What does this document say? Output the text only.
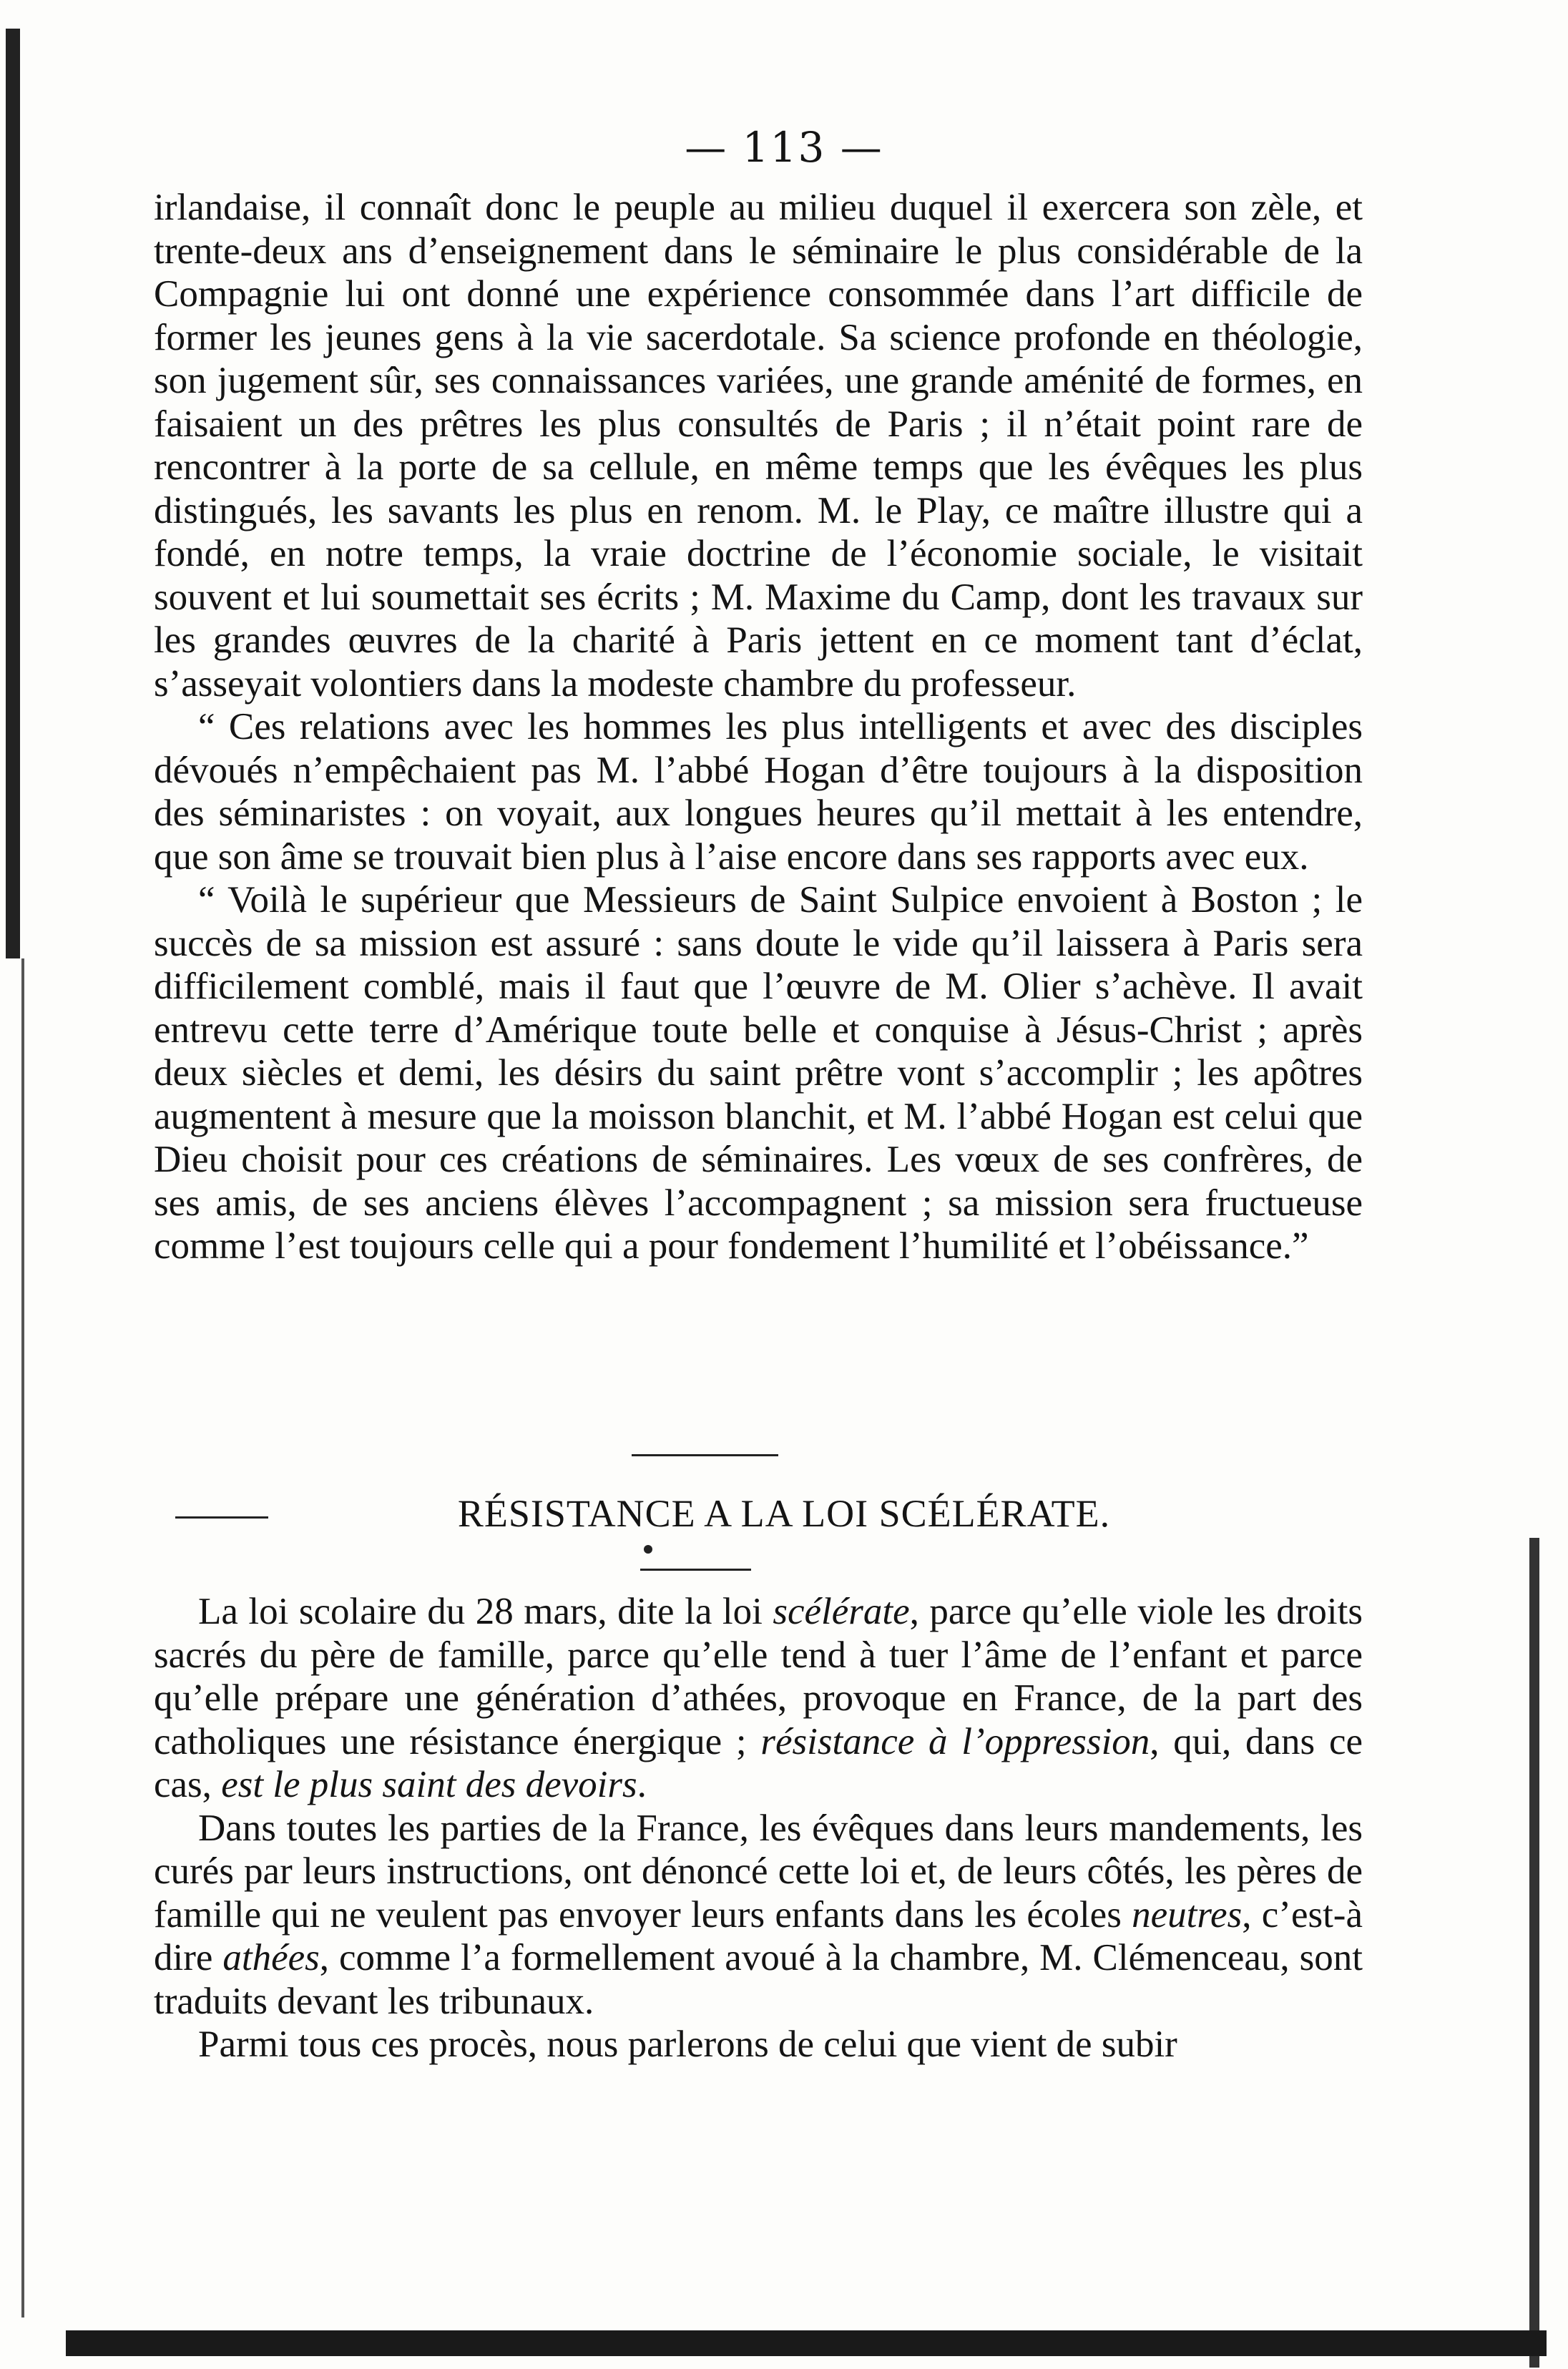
— 113 —

irlandaise, il connaît donc le peuple au milieu duquel il exercera son zèle, et trente-deux ans d’enseignement dans le séminaire le plus considérable de la Compagnie lui ont donné une expérience consommée dans l’art difficile de former les jeunes gens à la vie sacerdotale. Sa science profonde en théologie, son jugement sûr, ses connaissances variées, une grande aménité de formes, en faisaient un des prêtres les plus consultés de Paris ; il n’était point rare de rencontrer à la porte de sa cellule, en même temps que les évêques les plus distingués, les savants les plus en renom. M. le Play, ce maître illustre qui a fondé, en notre temps, la vraie doctrine de l’économie sociale, le visitait souvent et lui soumettait ses écrits ; M. Maxime du Camp, dont les travaux sur les grandes œuvres de la charité à Paris jettent en ce moment tant d’éclat, s’asseyait volontiers dans la modeste chambre du professeur.

“ Ces relations avec les hommes les plus intelligents et avec des disciples dévoués n’empêchaient pas M. l’abbé Hogan d’être toujours à la disposition des séminaristes : on voyait, aux longues heures qu’il mettait à les entendre, que son âme se trouvait bien plus à l’aise encore dans ses rapports avec eux.

“ Voilà le supérieur que Messieurs de Saint Sulpice envoient à Boston ; le succès de sa mission est assuré : sans doute le vide qu’il laissera à Paris sera difficilement comblé, mais il faut que l’œuvre de M. Olier s’achève. Il avait entrevu cette terre d’Amérique toute belle et conquise à Jésus-Christ ; après deux siècles et demi, les désirs du saint prêtre vont s’accomplir ; les apôtres augmentent à mesure que la moisson blanchit, et M. l’abbé Hogan est celui que Dieu choisit pour ces créations de séminaires. Les vœux de ses confrères, de ses amis, de ses anciens élèves l’accompagnent ; sa mission sera fructueuse comme l’est toujours celle qui a pour fondement l’humilité et l’obéissance.”

RÉSISTANCE A LA LOI SCÉLÉRATE.

La loi scolaire du 28 mars, dite la loi scélérate, parce qu’elle viole les droits sacrés du père de famille, parce qu’elle tend à tuer l’âme de l’enfant et parce qu’elle prépare une génération d’athées, provoque en France, de la part des catholiques une résistance énergique ; résistance à l’oppression, qui, dans ce cas, est le plus saint des devoirs.

Dans toutes les parties de la France, les évêques dans leurs mandements, les curés par leurs instructions, ont dénoncé cette loi et, de leurs côtés, les pères de famille qui ne veulent pas envoyer leurs enfants dans les écoles neutres, c’est-à dire athées, comme l’a formellement avoué à la chambre, M. Clémenceau, sont traduits devant les tribunaux.

Parmi tous ces procès, nous parlerons de celui que vient de subir
